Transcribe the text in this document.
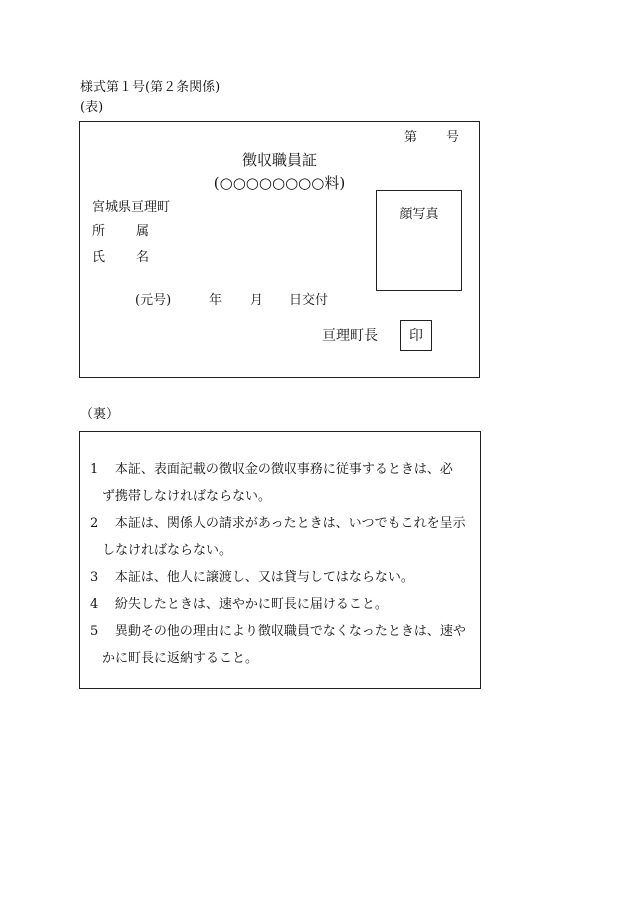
様式第１号(第２条関係)
(表)
第 号
徴収職員証
(○○○○○○○○料)
宮城県亘理町
所 属
氏 名
顔写真
(元号)	年 月 日交付
亘理町長	印
（裏）
1 本証、表面記載の徴収金の徴収事務に従事するときは、必
ず携帯しなければならない。
2 本証は、関係人の請求があったときは、いつでもこれを呈示
しなければならない。
3 本証は、他人に譲渡し、又は貸与してはならない。
4 紛失したときは、速やかに町長に届けること。
5 異動その他の理由により徴収職員でなくなったときは、速や
かに町長に返納すること。
